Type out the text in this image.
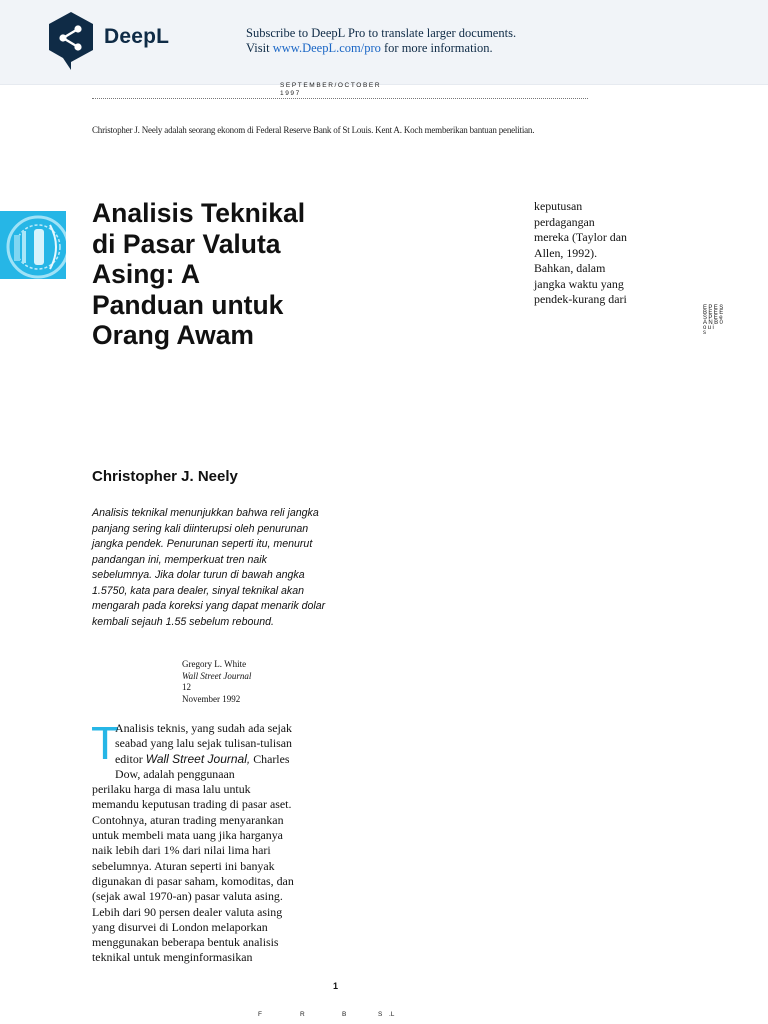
DeepL	Subscribe to DeepL Pro to translate larger documents.
Visit www.DeepL.com/pro for more information.
SEPTEMBER/OCTOBER
1997
Christopher J. Neely adalah seorang ekonom di Federal Reserve Bank of St Louis. Kent A. Koch memberikan bantuan penelitian.
Analisis Teknikal di Pasar Valuta Asing: A Panduan untuk Orang Awam
Christopher J. Neely
Analisis teknikal menunjukkan bahwa reli jangka panjang sering kali diinterupsi oleh penurunan jangka pendek. Penurunan seperti itu, menurut pandangan ini, memperkuat tren naik sebelumnya. Jika dolar turun di bawah angka 1.5750, kata para dealer, sinyal teknikal akan mengarah pada koreksi yang dapat menarik dolar kembali sejauh 1.55 sebelum rebound.
Gregory L. White
Wall Street Journal
12
November 1992
T
Analisis teknis, yang sudah ada sejak
seabad yang lalu sejak tulisan-tulisan
editor Wall Street Journal, Charles
Dow, adalah penggunaan
perilaku harga di masa lalu untuk
memandu keputusan trading di pasar aset.
Contohnya, aturan trading menyarankan
untuk membeli mata uang jika harganya
naik lebih dari 1% dari nilai lima hari
sebelumnya. Aturan seperti ini banyak
digunakan di pasar saham, komoditas, dan
(sejak awal 1970-an) pasar valuta asing.
Lebih dari 90 persen dealer valuta asing
yang disurvei di London melaporkan
menggunakan beberapa bentuk analisis
teknikal untuk menginformasikan
keputusan
perdagangan
mereka (Taylor dan
Allen, 1992).
Bahkan, dalam
jangka waktu yang
pendek-kurang dari
EPES
BEEE
SPEe
ANB0
oui
s
1
F	R	B	S	.L
